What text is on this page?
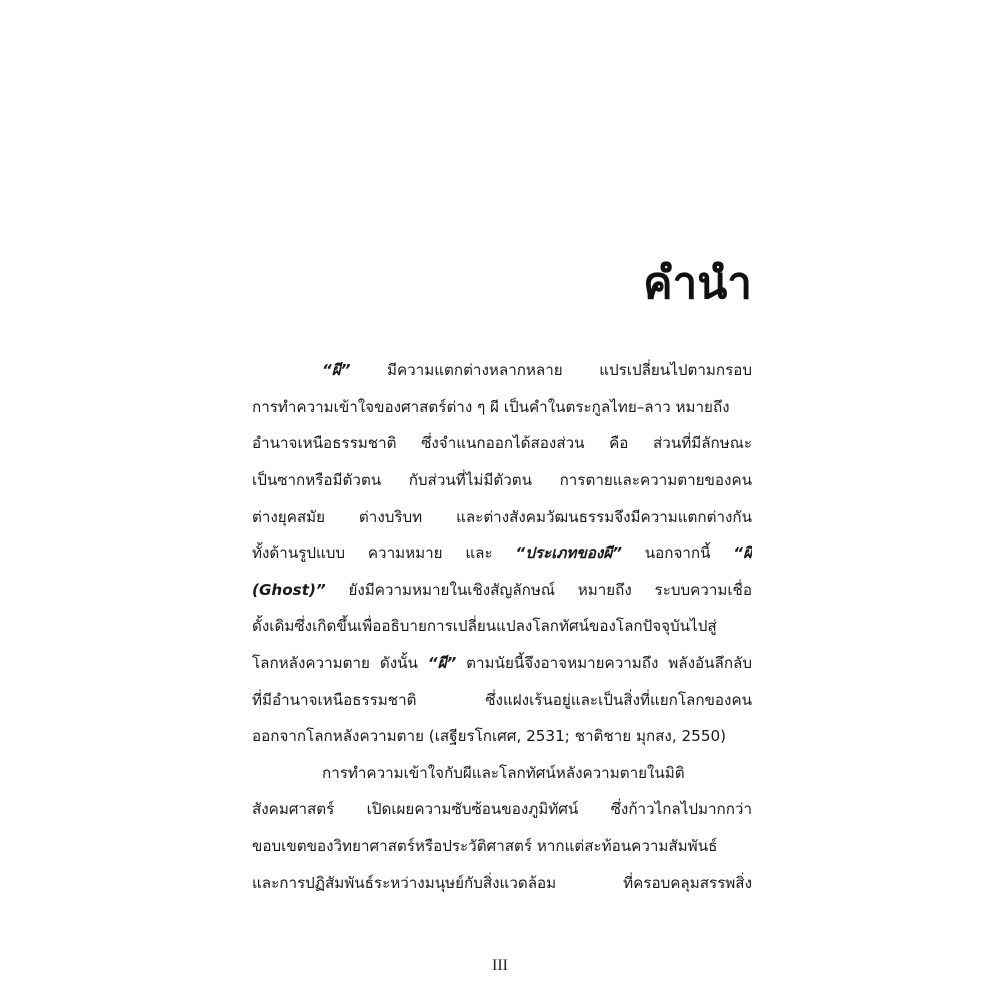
คำนำ
“ผี” มีความแตกต่างหลากหลาย แปรเปลี่ยนไปตามกรอบ
การทำความเข้าใจของศาสตร์ต่าง ๆ ผี เป็นคำในตระกูลไทย–ลาว หมายถึง
อำนาจเหนือธรรมชาติ ซึ่งจำแนกออกได้สองส่วน คือ ส่วนที่มีลักษณะ
เป็นซากหรือมีตัวตน กับส่วนที่ไม่มีตัวตน การตายและความตายของคน
ต่างยุคสมัย ต่างบริบท และต่างสังคมวัฒนธรรมจึงมีความแตกต่างกัน
ทั้งด้านรูปแบบ ความหมาย และ “ประเภทของผี” นอกจากนี้ “ผี
(Ghost)” ยังมีความหมายในเชิงสัญลักษณ์ หมายถึง ระบบความเชื่อ
ดั้งเดิมซึ่งเกิดขึ้นเพื่ออธิบายการเปลี่ยนแปลงโลกทัศน์ของโลกปัจจุบันไปสู่
โลกหลังความตาย ดังนั้น “ผี” ตามนัยนี้จึงอาจหมายความถึง พลังอันลึกลับ
ที่มีอำนาจเหนือธรรมชาติ	ซึ่งแฝงเร้นอยู่และเป็นสิ่งที่แยกโลกของคน
ออกจากโลกหลังความตาย (เสฐียรโกเศศ, 2531; ชาติชาย มุกสง, 2550)
การทำความเข้าใจกับผีและโลกทัศน์หลังความตายในมิติ
สังคมศาสตร์ เปิดเผยความซับซ้อนของภูมิทัศน์ ซึ่งก้าวไกลไปมากกว่า
ขอบเขตของวิทยาศาสตร์หรือประวัติศาสตร์ หากแต่สะท้อนความสัมพันธ์
และการปฏิสัมพันธ์ระหว่างมนุษย์กับสิ่งแวดล้อม	ที่ครอบคลุมสรรพสิ่ง
III
